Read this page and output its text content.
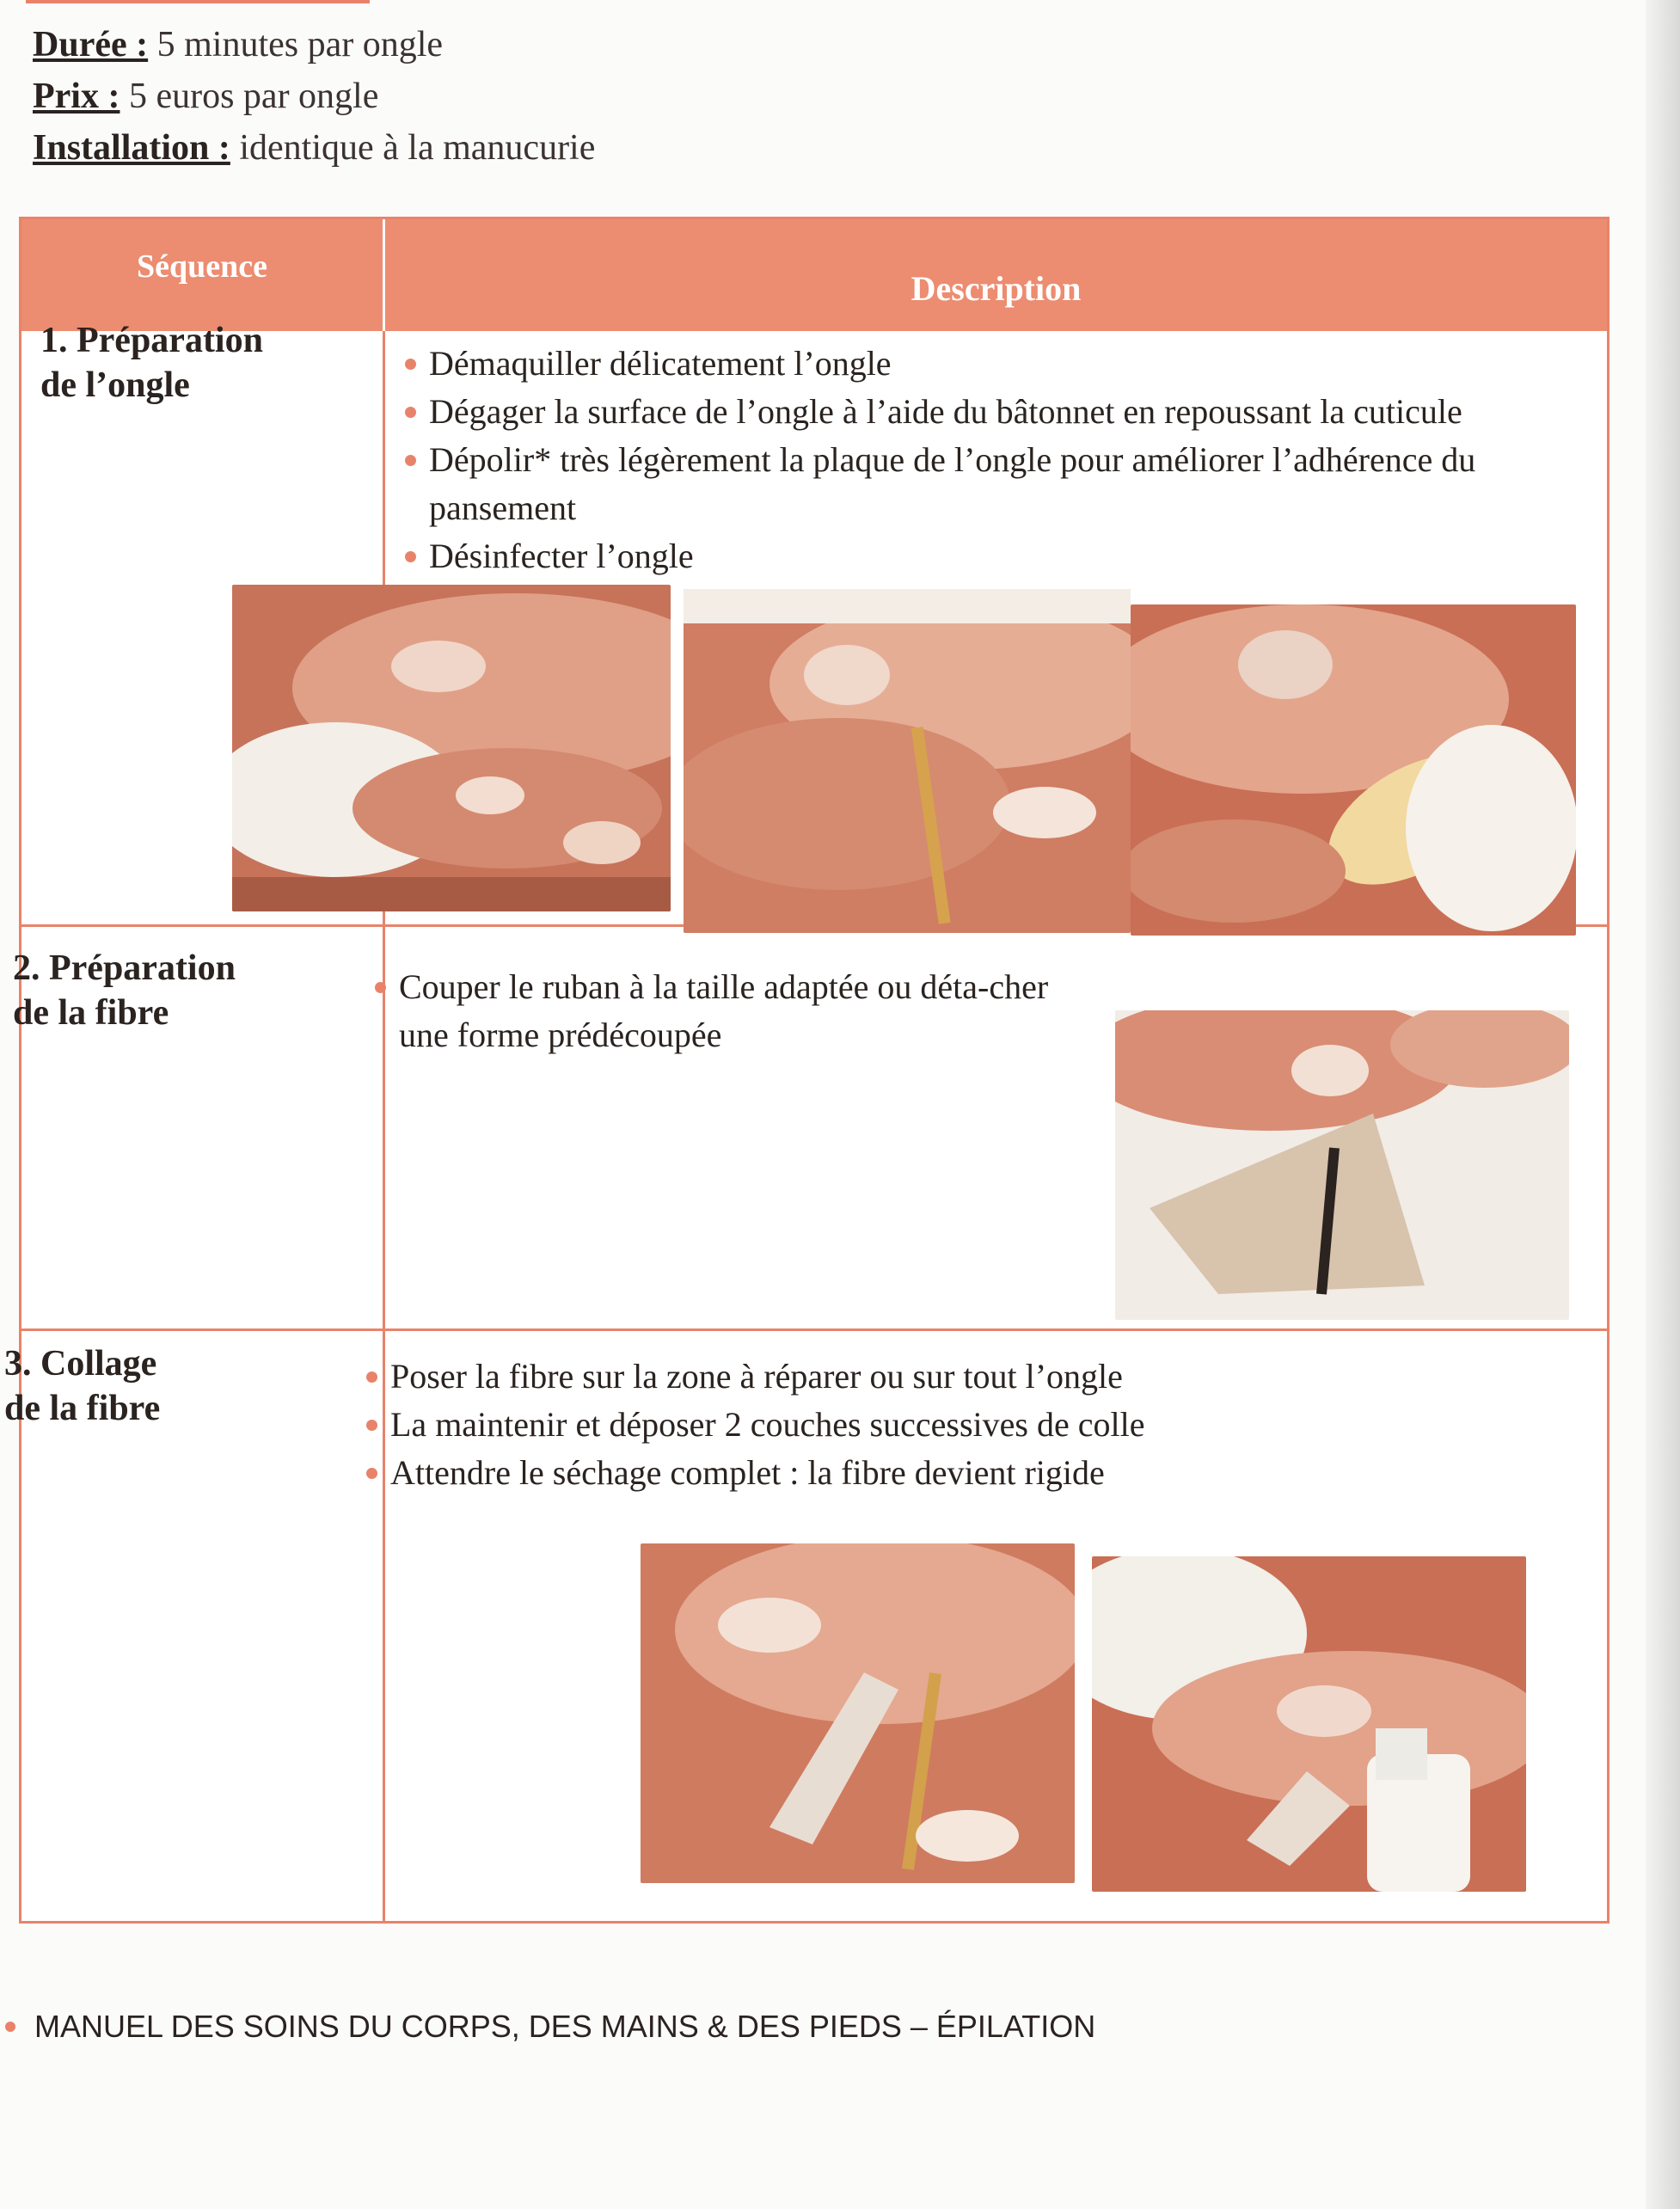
Durée : 5 minutes par ongle
Prix : 5 euros par ongle
Installation : identique à la manucurie
Séquence
Description
1. Préparation
de l’ongle
Démaquiller délicatement l’ongle
Dégager la surface de l’ongle à l’aide du bâtonnet en repoussant la cuticule
Dépolir* très légèrement la plaque de l’ongle pour améliorer l’adhérence du pansement
Désinfecter l’ongle
2. Préparation
de la fibre
Couper le ruban à la taille adaptée ou déta-cher une forme prédécoupée
3. Collage
de la fibre
Poser la fibre sur la zone à réparer ou sur tout l’ongle
La maintenir et déposer 2 couches successives de colle
Attendre le séchage complet : la fibre devient rigide
MANUEL DES SOINS DU CORPS, DES MAINS & DES PIEDS – ÉPILATION
